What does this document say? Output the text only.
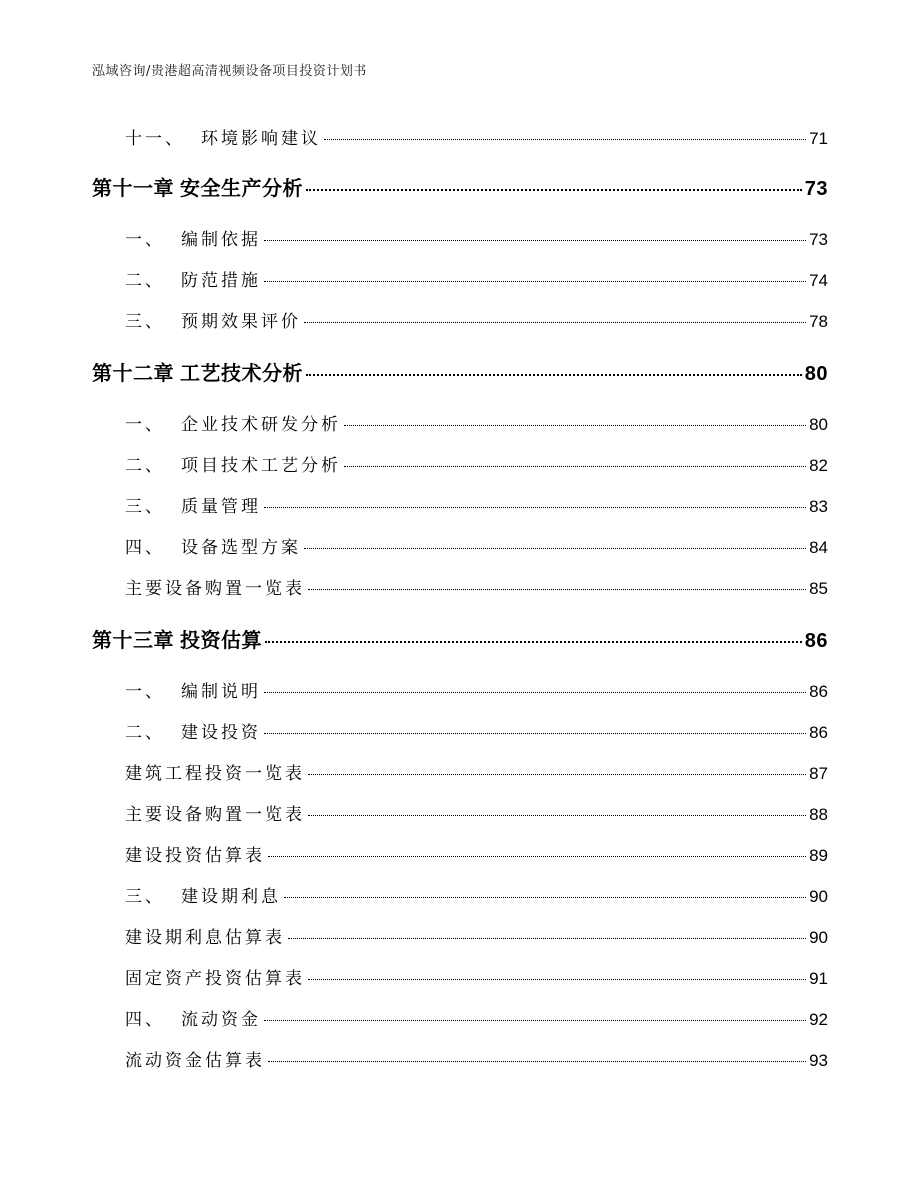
泓域咨询/贵港超高清视频设备项目投资计划书
十一、 环境影响建议	71
第十一章 安全生产分析	73
一、 编制依据	73
二、 防范措施	74
三、 预期效果评价	78
第十二章 工艺技术分析	80
一、 企业技术研发分析	80
二、 项目技术工艺分析	82
三、 质量管理	83
四、 设备选型方案	84
主要设备购置一览表	85
第十三章 投资估算	86
一、 编制说明	86
二、 建设投资	86
建筑工程投资一览表	87
主要设备购置一览表	88
建设投资估算表	89
三、 建设期利息	90
建设期利息估算表	90
固定资产投资估算表	91
四、 流动资金	92
流动资金估算表	93
